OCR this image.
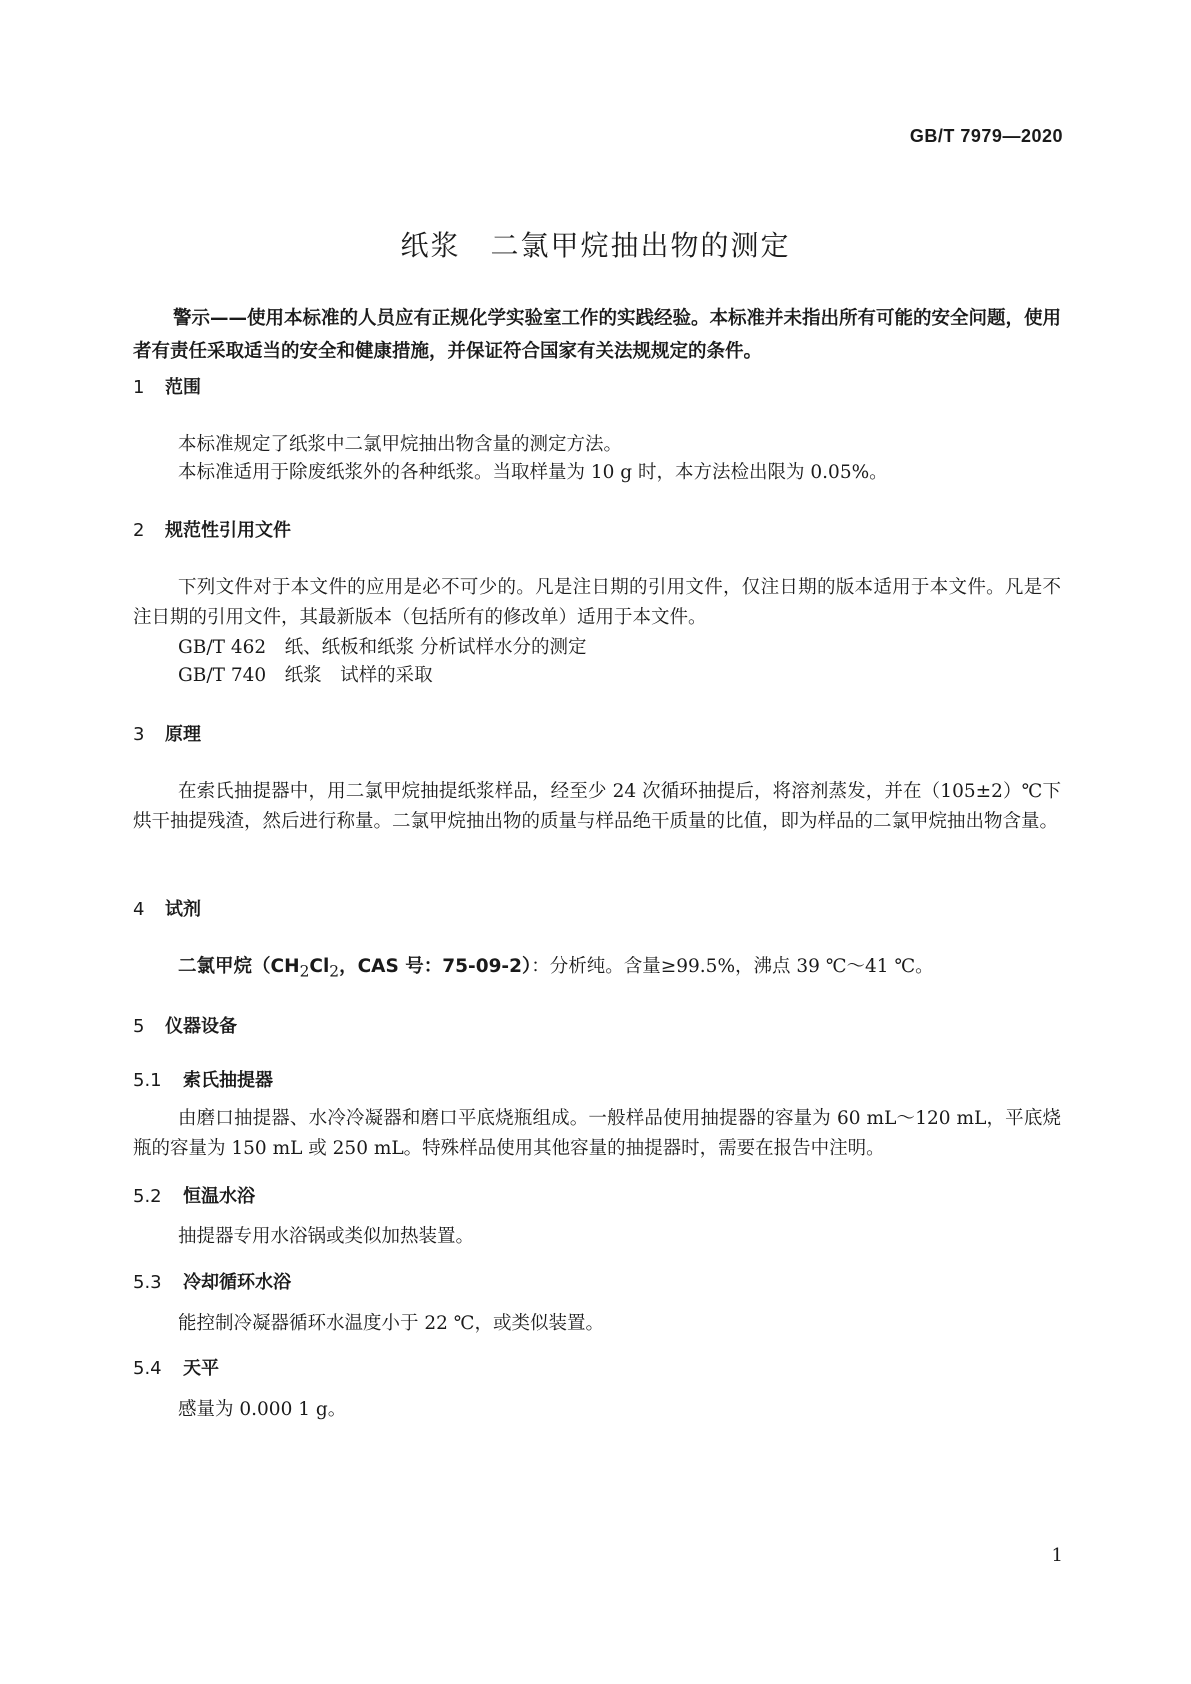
GB/T 7979—2020
纸浆　二氯甲烷抽出物的测定
警示——使用本标准的人员应有正规化学实验室工作的实践经验。本标准并未指出所有可能的安全问题，使用者有责任采取适当的安全和健康措施，并保证符合国家有关法规规定的条件。
1 范围
本标准规定了纸浆中二氯甲烷抽出物含量的测定方法。
本标准适用于除废纸浆外的各种纸浆。当取样量为 10 g 时，本方法检出限为 0.05%。
2 规范性引用文件
下列文件对于本文件的应用是必不可少的。凡是注日期的引用文件，仅注日期的版本适用于本文件。凡是不注日期的引用文件，其最新版本（包括所有的修改单）适用于本文件。
GB/T 462　纸、纸板和纸浆 分析试样水分的测定
GB/T 740　纸浆　试样的采取
3 原理
在索氏抽提器中，用二氯甲烷抽提纸浆样品，经至少 24 次循环抽提后，将溶剂蒸发，并在（105±2）℃下烘干抽提残渣，然后进行称量。二氯甲烷抽出物的质量与样品绝干质量的比值，即为样品的二氯甲烷抽出物含量。
4 试剂
二氯甲烷（$CH_2Cl_2$，CAS 号：75-09-2）：分析纯。含量≥99.5%，沸点 39 ℃～41 ℃。
5 仪器设备
5.1 索氏抽提器
由磨口抽提器、水冷冷凝器和磨口平底烧瓶组成。一般样品使用抽提器的容量为 60 mL～120 mL，平底烧瓶的容量为 150 mL 或 250 mL。特殊样品使用其他容量的抽提器时，需要在报告中注明。
5.2 恒温水浴
抽提器专用水浴锅或类似加热装置。
5.3 冷却循环水浴
能控制冷凝器循环水温度小于 22 ℃，或类似装置。
5.4 天平
感量为 0.000 1 g。
1
